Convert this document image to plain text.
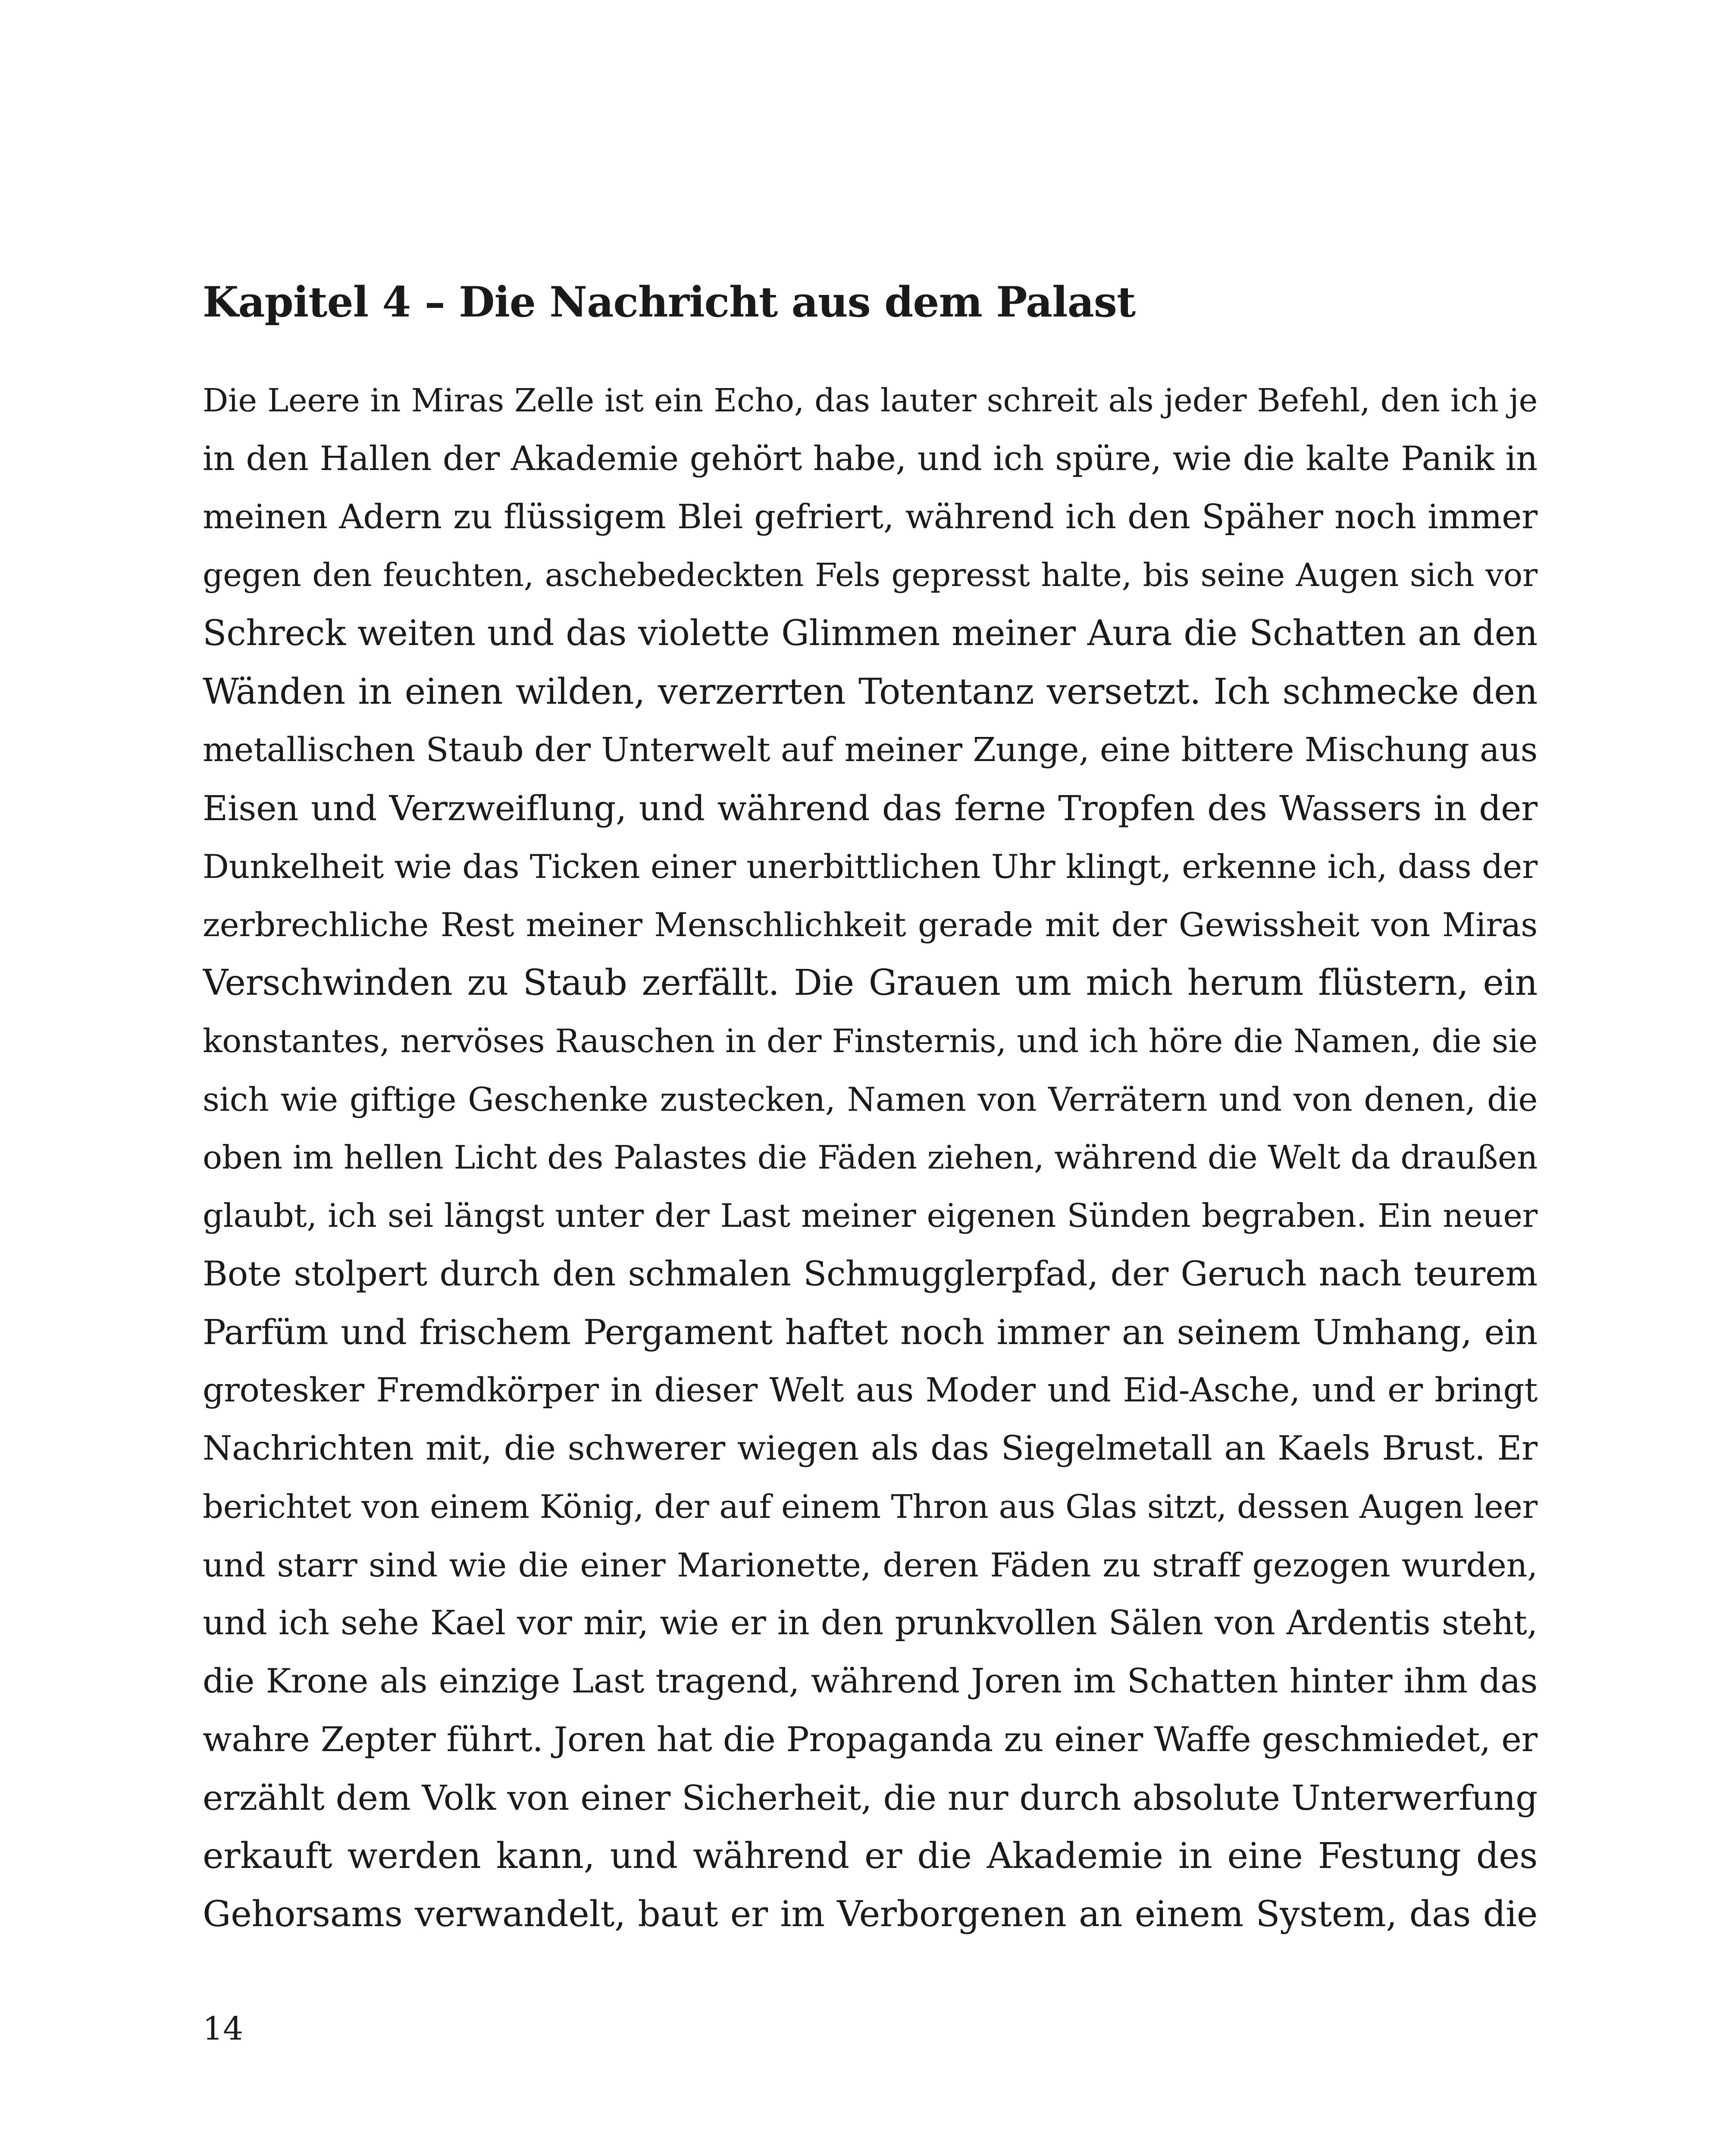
Kapitel 4 – Die Nachricht aus dem Palast
Die Leere in Miras Zelle ist ein Echo, das lauter schreit als jeder Befehl, den ich je
in den Hallen der Akademie gehört habe, und ich spüre, wie die kalte Panik in
meinen Adern zu flüssigem Blei gefriert, während ich den Späher noch immer
gegen den feuchten, aschebedeckten Fels gepresst halte, bis seine Augen sich vor
Schreck weiten und das violette Glimmen meiner Aura die Schatten an den
Wänden in einen wilden, verzerrten Totentanz versetzt. Ich schmecke den
metallischen Staub der Unterwelt auf meiner Zunge, eine bittere Mischung aus
Eisen und Verzweiflung, und während das ferne Tropfen des Wassers in der
Dunkelheit wie das Ticken einer unerbittlichen Uhr klingt, erkenne ich, dass der
zerbrechliche Rest meiner Menschlichkeit gerade mit der Gewissheit von Miras
Verschwinden zu Staub zerfällt. Die Grauen um mich herum flüstern, ein
konstantes, nervöses Rauschen in der Finsternis, und ich höre die Namen, die sie
sich wie giftige Geschenke zustecken, Namen von Verrätern und von denen, die
oben im hellen Licht des Palastes die Fäden ziehen, während die Welt da draußen
glaubt, ich sei längst unter der Last meiner eigenen Sünden begraben. Ein neuer
Bote stolpert durch den schmalen Schmugglerpfad, der Geruch nach teurem
Parfüm und frischem Pergament haftet noch immer an seinem Umhang, ein
grotesker Fremdkörper in dieser Welt aus Moder und Eid-Asche, und er bringt
Nachrichten mit, die schwerer wiegen als das Siegelmetall an Kaels Brust. Er
berichtet von einem König, der auf einem Thron aus Glas sitzt, dessen Augen leer
und starr sind wie die einer Marionette, deren Fäden zu straff gezogen wurden,
und ich sehe Kael vor mir, wie er in den prunkvollen Sälen von Ardentis steht,
die Krone als einzige Last tragend, während Joren im Schatten hinter ihm das
wahre Zepter führt. Joren hat die Propaganda zu einer Waffe geschmiedet, er
erzählt dem Volk von einer Sicherheit, die nur durch absolute Unterwerfung
erkauft werden kann, und während er die Akademie in eine Festung des
Gehorsams verwandelt, baut er im Verborgenen an einem System, das die
14
